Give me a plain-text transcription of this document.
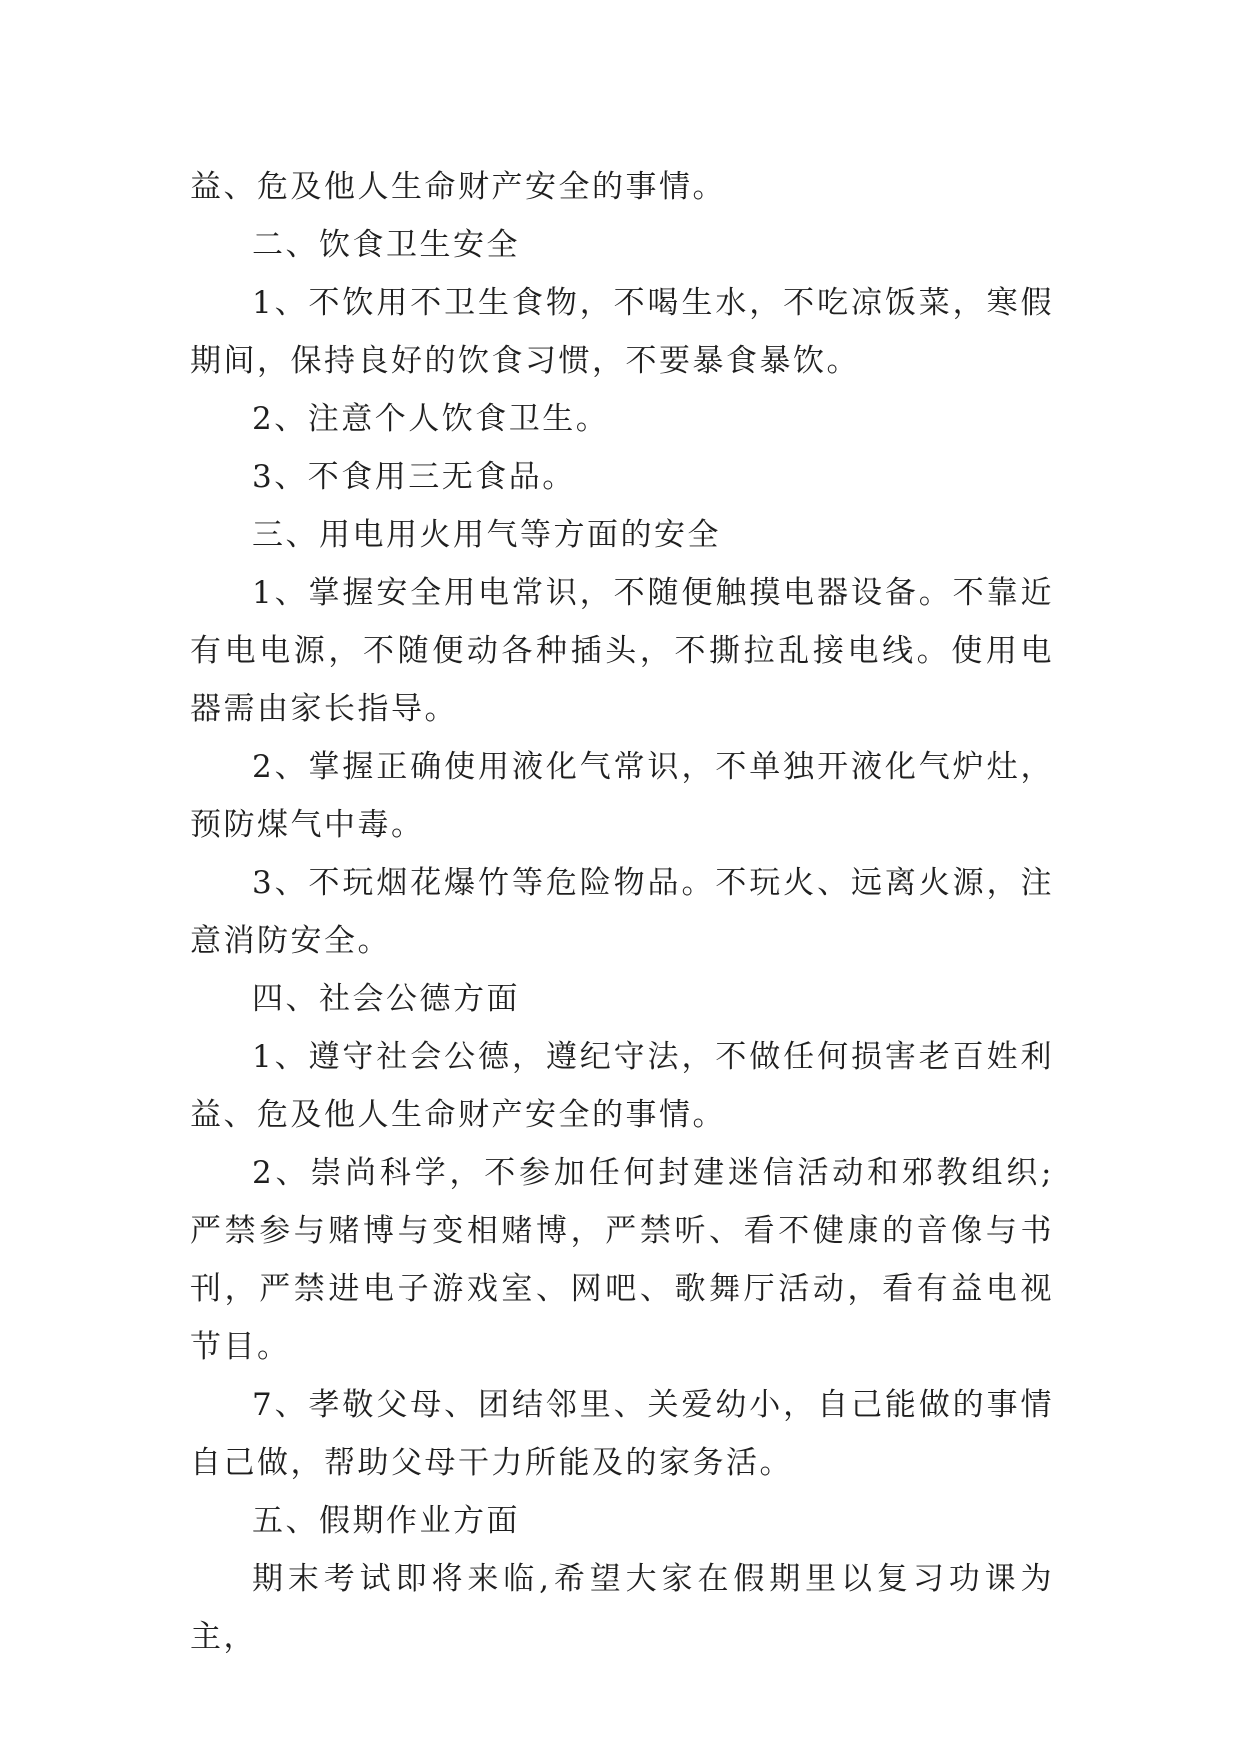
益、危及他人生命财产安全的事情。

二、饮食卫生安全

1、不饮用不卫生食物，不喝生水，不吃凉饭菜，寒假期间，保持良好的饮食习惯，不要暴食暴饮。

2、注意个人饮食卫生。

3、不食用三无食品。

三、用电用火用气等方面的安全

1、掌握安全用电常识，不随便触摸电器设备。不靠近有电电源，不随便动各种插头，不撕拉乱接电线。使用电器需由家长指导。

2、掌握正确使用液化气常识，不单独开液化气炉灶，预防煤气中毒。

3、不玩烟花爆竹等危险物品。不玩火、远离火源，注意消防安全。

四、社会公德方面

1、遵守社会公德，遵纪守法，不做任何损害老百姓利益、危及他人生命财产安全的事情。

2、崇尚科学，不参加任何封建迷信活动和邪教组织;严禁参与赌博与变相赌博，严禁听、看不健康的音像与书刊，严禁进电子游戏室、网吧、歌舞厅活动，看有益电视节目。

7、孝敬父母、团结邻里、关爱幼小，自己能做的事情自己做，帮助父母干力所能及的家务活。

五、假期作业方面

期末考试即将来临,希望大家在假期里以复习功课为主，
